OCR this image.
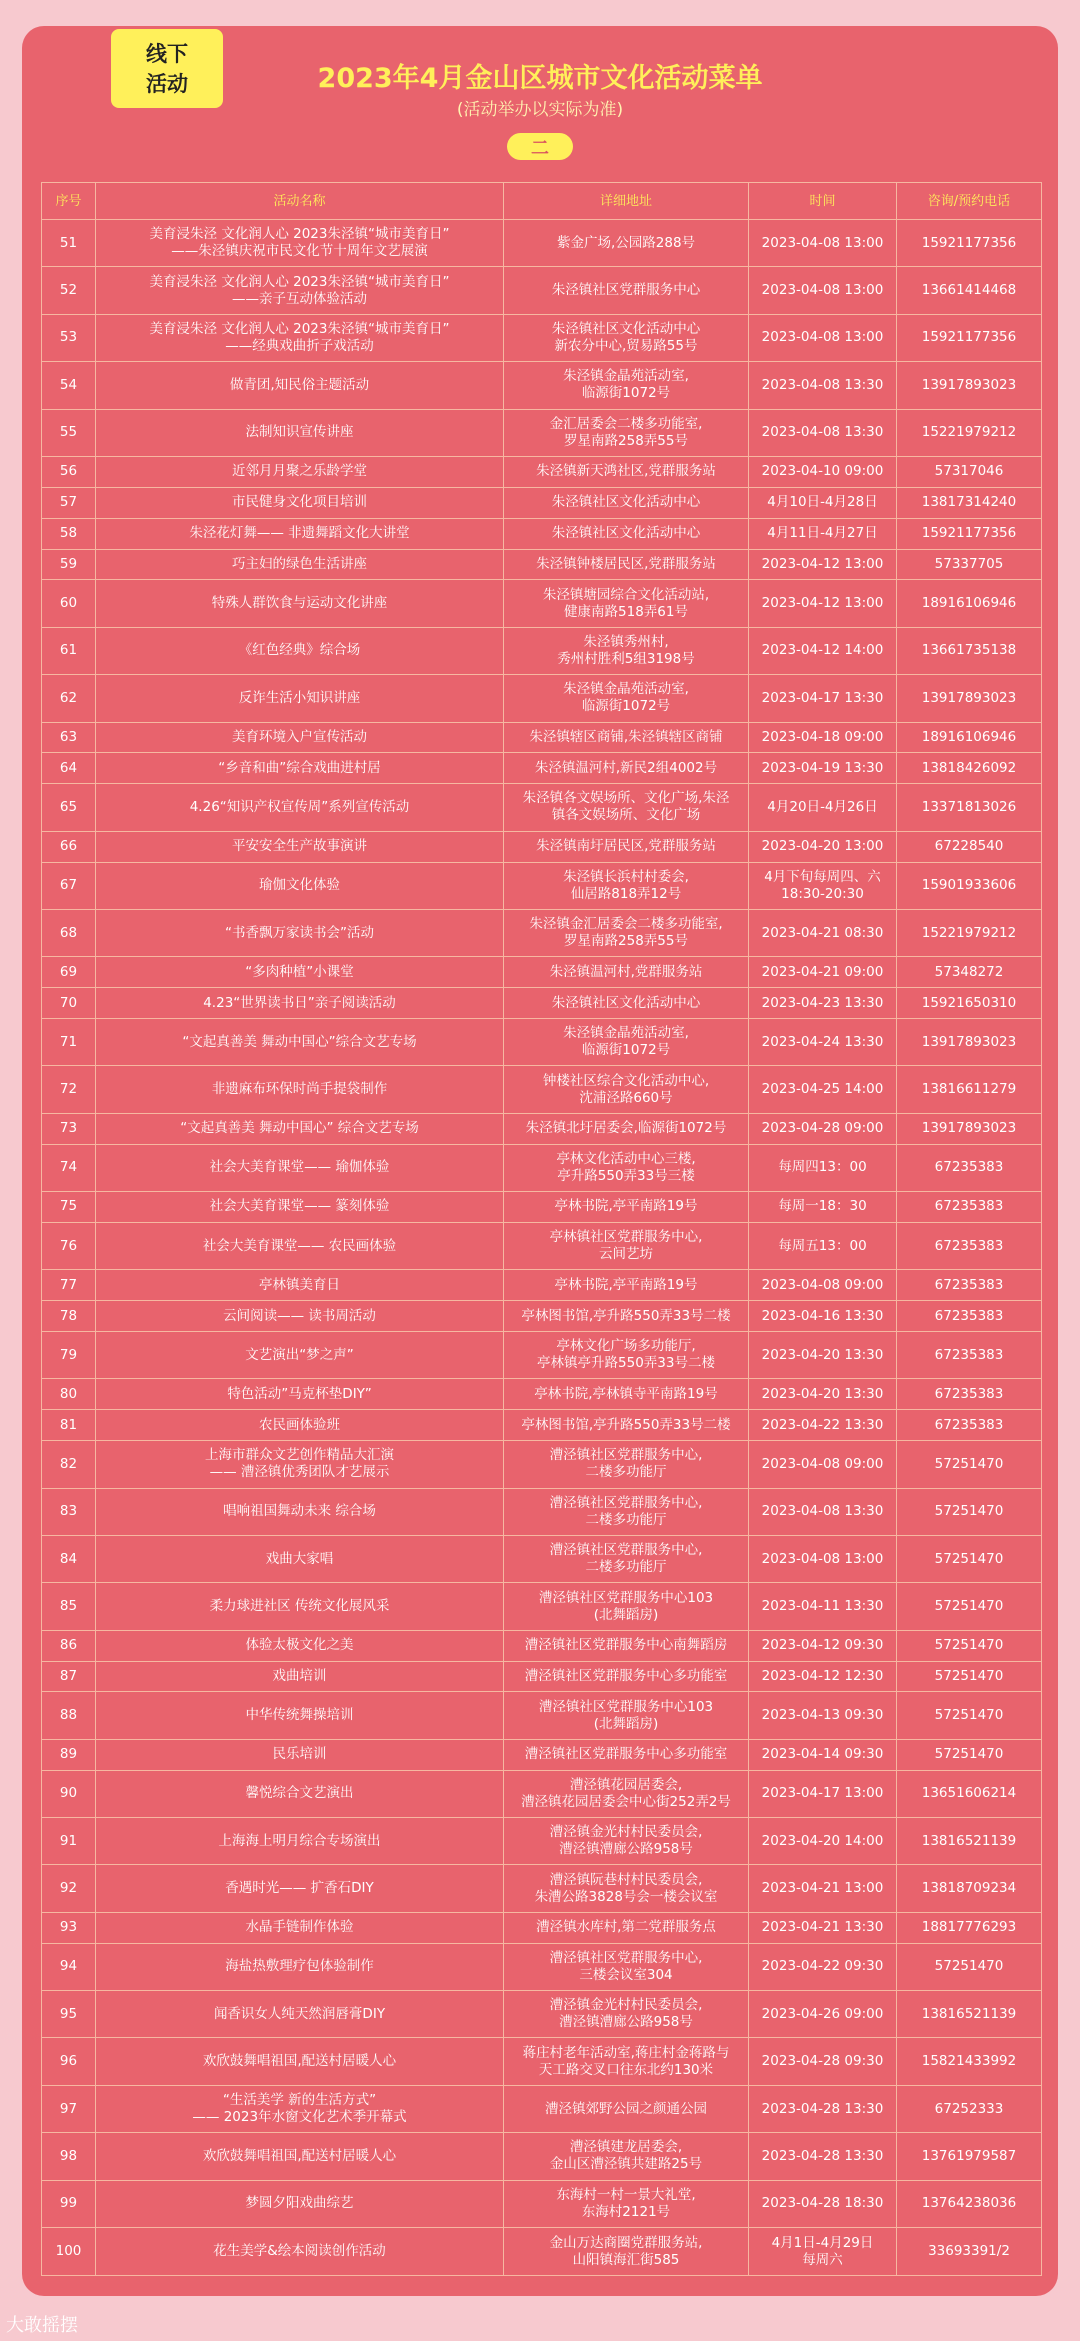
线下
活动	2023年4月金山区城市文化活动菜单
(活动举办以实际为准)
二
序号	活动名称	详细地址	时间	咨询/预约电话
51	美育浸朱泾 文化润人心 2023朱泾镇“城市美育日”
——朱泾镇庆祝市民文化节十周年文艺展演	紫金广场,公园路288号	2023-04-08 13:00	15921177356
52	美育浸朱泾 文化润人心 2023朱泾镇“城市美育日”
——亲子互动体验活动	朱泾镇社区党群服务中心	2023-04-08 13:00	13661414468
53	美育浸朱泾 文化润人心 2023朱泾镇“城市美育日”
——经典戏曲折子戏活动	朱泾镇社区文化活动中心
新农分中心,贸易路55号	2023-04-08 13:00	15921177356
54	做青团,知民俗主题活动	朱泾镇金晶苑活动室,
临源街1072号	2023-04-08 13:30	13917893023
55	法制知识宣传讲座	金汇居委会二楼多功能室,
罗星南路258弄55号	2023-04-08 13:30	15221979212
56	近邻月月聚之乐龄学堂	朱泾镇新天鸿社区,党群服务站	2023-04-10 09:00	57317046
57	市民健身文化项目培训	朱泾镇社区文化活动中心	4月10日-4月28日	13817314240
58	朱泾花灯舞—— 非遗舞蹈文化大讲堂	朱泾镇社区文化活动中心	4月11日-4月27日	15921177356
59	巧主妇的绿色生活讲座	朱泾镇钟楼居民区,党群服务站	2023-04-12 13:00	57337705
60	特殊人群饮食与运动文化讲座	朱泾镇塘园综合文化活动站,
健康南路518弄61号	2023-04-12 13:00	18916106946
61	《红色经典》综合场	朱泾镇秀州村,
秀州村胜利5组3198号	2023-04-12 14:00	13661735138
62	反诈生活小知识讲座	朱泾镇金晶苑活动室,
临源街1072号	2023-04-17 13:30	13917893023
63	美育环境入户宣传活动	朱泾镇辖区商铺,朱泾镇辖区商铺	2023-04-18 09:00	18916106946
64	“乡音和曲”综合戏曲进村居	朱泾镇温河村,新民2组4002号	2023-04-19 13:30	13818426092
65	4.26“知识产权宣传周”系列宣传活动	朱泾镇各文娱场所、文化广场,朱泾
镇各文娱场所、文化广场	4月20日-4月26日	13371813026
66	平安安全生产故事演讲	朱泾镇南圩居民区,党群服务站	2023-04-20 13:00	67228540
67	瑜伽文化体验	朱泾镇长浜村村委会,
仙居路818弄12号	4月下旬每周四、六
18:30-20:30	15901933606
68	“书香飘万家读书会”活动	朱泾镇金汇居委会二楼多功能室,
罗星南路258弄55号	2023-04-21 08:30	15221979212
69	“多肉种植”小课堂	朱泾镇温河村,党群服务站	2023-04-21 09:00	57348272
70	4.23“世界读书日”亲子阅读活动	朱泾镇社区文化活动中心	2023-04-23 13:30	15921650310
71	“文起真善美 舞动中国心”综合文艺专场	朱泾镇金晶苑活动室,
临源街1072号	2023-04-24 13:30	13917893023
72	非遗麻布环保时尚手提袋制作	钟楼社区综合文化活动中心,
沈浦泾路660号	2023-04-25 14:00	13816611279
73	“文起真善美 舞动中国心” 综合文艺专场	朱泾镇北圩居委会,临源街1072号	2023-04-28 09:00	13917893023
74	社会大美育课堂—— 瑜伽体验	亭林文化活动中心三楼,
亭升路550弄33号三楼	每周四13：00	67235383
75	社会大美育课堂—— 篆刻体验	亭林书院,亭平南路19号	每周一18：30	67235383
76	社会大美育课堂—— 农民画体验	亭林镇社区党群服务中心,
云间艺坊	每周五13：00	67235383
77	亭林镇美育日	亭林书院,亭平南路19号	2023-04-08 09:00	67235383
78	云间阅读—— 读书周活动	亭林图书馆,亭升路550弄33号二楼	2023-04-16 13:30	67235383
79	文艺演出“梦之声”	亭林文化广场多功能厅,
亭林镇亭升路550弄33号二楼	2023-04-20 13:30	67235383
80	特色活动”马克杯垫DIY”	亭林书院,亭林镇寺平南路19号	2023-04-20 13:30	67235383
81	农民画体验班	亭林图书馆,亭升路550弄33号二楼	2023-04-22 13:30	67235383
82	上海市群众文艺创作精品大汇演
—— 漕泾镇优秀团队才艺展示	漕泾镇社区党群服务中心,
二楼多功能厅	2023-04-08 09:00	57251470
83	唱响祖国舞动未来 综合场	漕泾镇社区党群服务中心,
二楼多功能厅	2023-04-08 13:30	57251470
84	戏曲大家唱	漕泾镇社区党群服务中心,
二楼多功能厅	2023-04-08 13:00	57251470
85	柔力球进社区 传统文化展风采	漕泾镇社区党群服务中心103
(北舞蹈房)	2023-04-11 13:30	57251470
86	体验太极文化之美	漕泾镇社区党群服务中心南舞蹈房	2023-04-12 09:30	57251470
87	戏曲培训	漕泾镇社区党群服务中心多功能室	2023-04-12 12:30	57251470
88	中华传统舞操培训	漕泾镇社区党群服务中心103
(北舞蹈房)	2023-04-13 09:30	57251470
89	民乐培训	漕泾镇社区党群服务中心多功能室	2023-04-14 09:30	57251470
90	馨悦综合文艺演出	漕泾镇花园居委会,
漕泾镇花园居委会中心街252弄2号	2023-04-17 13:00	13651606214
91	上海海上明月综合专场演出	漕泾镇金光村村民委员会,
漕泾镇漕廊公路958号	2023-04-20 14:00	13816521139
92	香遇时光—— 扩香石DIY	漕泾镇阮巷村村民委员会,
朱漕公路3828号会一楼会议室	2023-04-21 13:00	13818709234
93	水晶手链制作体验	漕泾镇水库村,第二党群服务点	2023-04-21 13:30	18817776293
94	海盐热敷理疗包体验制作	漕泾镇社区党群服务中心,
三楼会议室304	2023-04-22 09:30	57251470
95	闻香识女人纯天然润唇膏DIY	漕泾镇金光村村民委员会,
漕泾镇漕廊公路958号	2023-04-26 09:00	13816521139
96	欢欣鼓舞唱祖国,配送村居暖人心	蒋庄村老年活动室,蒋庄村金蒋路与
天工路交叉口往东北约130米	2023-04-28 09:30	15821433992
97	“生活美学 新的生活方式”
—— 2023年水窗文化艺术季开幕式	漕泾镇郊野公园之颜通公园	2023-04-28 13:30	67252333
98	欢欣鼓舞唱祖国,配送村居暖人心	漕泾镇建龙居委会,
金山区漕泾镇共建路25号	2023-04-28 13:30	13761979587
99	梦圆夕阳戏曲综艺	东海村一村一景大礼堂,
东海村2121号	2023-04-28 18:30	13764238036
100	花生美学&绘本阅读创作活动	金山万达商圈党群服务站,
山阳镇海汇街585	4月1日-4月29日
每周六	33693391/2
大敢摇摆
